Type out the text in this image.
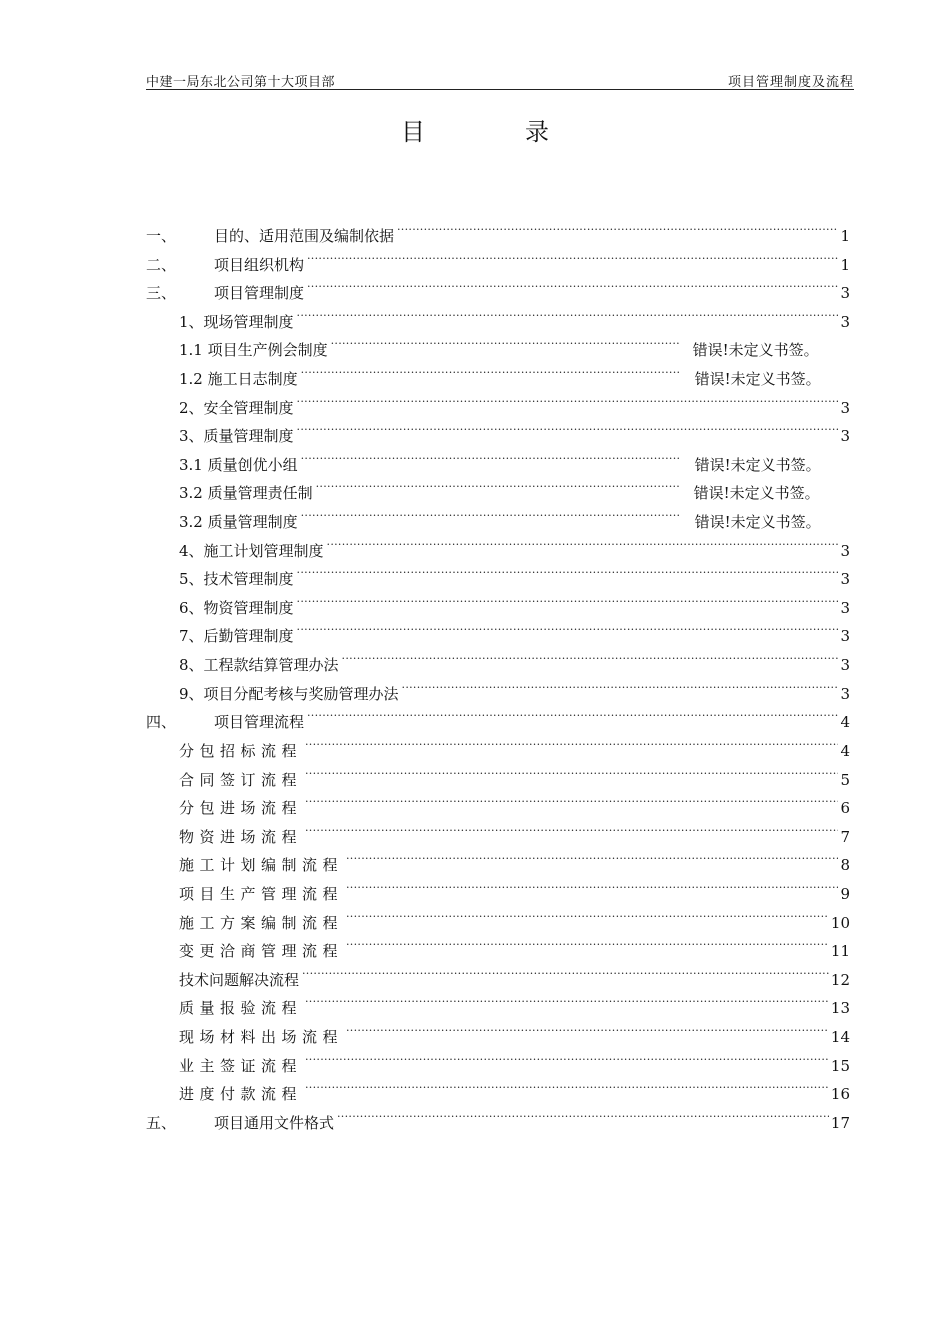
中建一局东北公司第十大项目部	项目管理制度及流程
目	录
一、	目的、适用范围及编制依据 .....	1
二、	项目组织机构 .....	1
三、	项目管理制度 .....	3
1、现场管理制度 .....	3
1.1 项目生产例会制度 .....	错误!未定义书签。
1.2 施工日志制度 .....	错误!未定义书签。
2、安全管理制度 .....	3
3、质量管理制度 .....	3
3.1 质量创优小组 .....	错误!未定义书签。
3.2 质量管理责任制 .....	错误!未定义书签。
3.2 质量管理制度 .....	错误!未定义书签。
4、施工计划管理制度 .....	3
5、技术管理制度 .....	3
6、物资管理制度 .....	3
7、后勤管理制度 .....	3
8、工程款结算管理办法 .....	3
9、项目分配考核与奖励管理办法 .....	3
四、	项目管理流程 .....	4
分包招标流程 .....	4
合同签订流程 .....	5
分包进场流程 .....	6
物资进场流程 .....	7
施工计划编制流程 .....	8
项目生产管理流程 .....	9
施工方案编制流程 .....	10
变更洽商管理流程 .....	11
技术问题解决流程 .....	12
质量报验流程 .....	13
现场材料出场流程 .....	14
业主签证流程 .....	15
进度付款流程 .....	16
五、	项目通用文件格式 .....	17
